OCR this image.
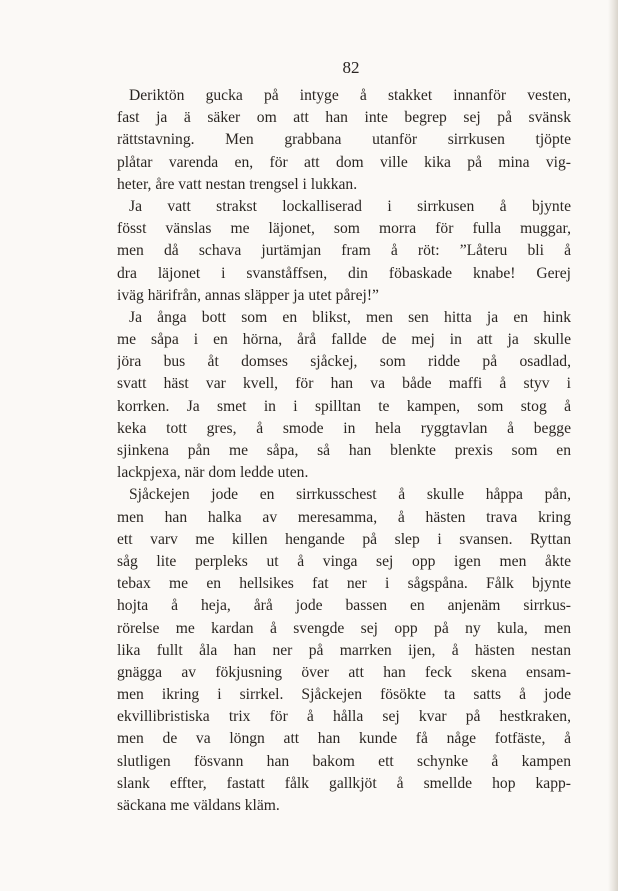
82
Deriktön gucka på intyge å stakket innanför vesten,
fast ja ä säker om att han inte begrep sej på svänsk
rättstavning. Men grabbana utanför sirrkusen tjöpte
plåtar varenda en, för att dom ville kika på mina vig-
heter, åre vatt nestan trengsel i lukkan.
Ja vatt strakst lockalliserad i sirrkusen å bjynte
fösst vänslas me läjonet, som morra för fulla muggar,
men då schava jurtämjan fram å röt: ”Låteru bli å
dra läjonet i svanståffsen, din föbaskade knabe! Gerej
iväg härifrån, annas släpper ja utet pårej!”
Ja ånga bott som en blikst, men sen hitta ja en hink
me såpa i en hörna, årå fallde de mej in att ja skulle
jöra bus åt domses sjåckej, som ridde på osadlad,
svatt häst var kvell, för han va både maffi å styv i
korrken. Ja smet in i spilltan te kampen, som stog å
keka tott gres, å smode in hela ryggtavlan å begge
sjinkena pån me såpa, så han blenkte prexis som en
lackpjexa, när dom ledde uten.
Sjåckejen jode en sirrkusschest å skulle håppa pån,
men han halka av meresamma, å hästen trava kring
ett varv me killen hengande på slep i svansen. Ryttan
såg lite perpleks ut å vinga sej opp igen men åkte
tebax me en hellsikes fat ner i sågspåna. Fålk bjynte
hojta å heja, årå jode bassen en anjenäm sirrkus-
rörelse me kardan å svengde sej opp på ny kula, men
lika fullt åla han ner på marrken ijen, å hästen nestan
gnägga av fökjusning över att han feck skena ensam-
men ikring i sirrkel. Sjåckejen fösökte ta satts å jode
ekvillibristiska trix för å hålla sej kvar på hestkraken,
men de va löngn att han kunde få någe fotfäste, å
slutligen fösvann han bakom ett schynke å kampen
slank effter, fastatt fålk gallkjöt å smellde hop kapp-
säckana me väldans kläm.
